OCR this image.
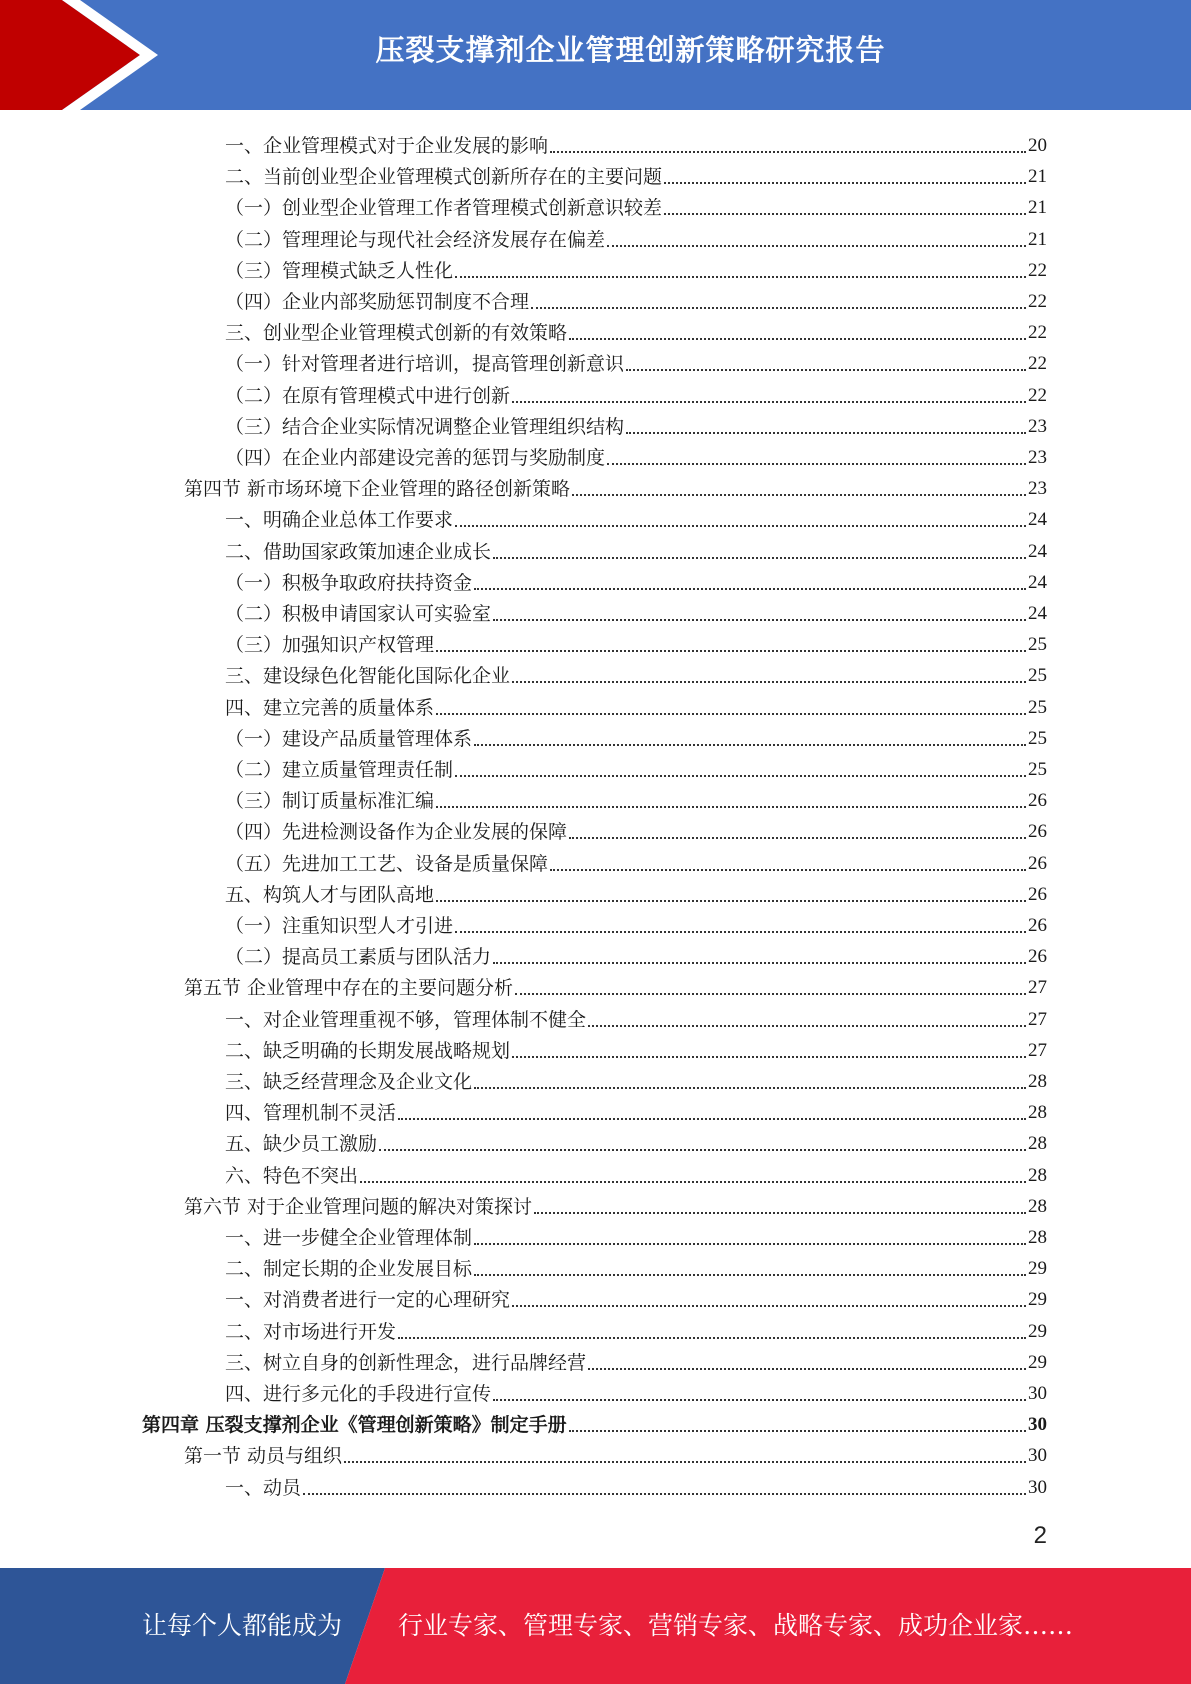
压裂支撑剂企业管理创新策略研究报告
一、企业管理模式对于企业发展的影响	20
二、当前创业型企业管理模式创新所存在的主要问题	21
（一）创业型企业管理工作者管理模式创新意识较差	21
（二）管理理论与现代社会经济发展存在偏差	21
（三）管理模式缺乏人性化	22
（四）企业内部奖励惩罚制度不合理	22
三、创业型企业管理模式创新的有效策略	22
（一）针对管理者进行培训，提高管理创新意识	22
（二）在原有管理模式中进行创新	22
（三）结合企业实际情况调整企业管理组织结构	23
（四）在企业内部建设完善的惩罚与奖励制度	23
第四节 新市场环境下企业管理的路径创新策略	23
一、明确企业总体工作要求	24
二、借助国家政策加速企业成长	24
（一）积极争取政府扶持资金	24
（二）积极申请国家认可实验室	24
（三）加强知识产权管理	25
三、建设绿色化智能化国际化企业	25
四、建立完善的质量体系	25
（一）建设产品质量管理体系	25
（二）建立质量管理责任制	25
（三）制订质量标准汇编	26
（四）先进检测设备作为企业发展的保障	26
（五）先进加工工艺、设备是质量保障	26
五、构筑人才与团队高地	26
（一）注重知识型人才引进	26
（二）提高员工素质与团队活力	26
第五节 企业管理中存在的主要问题分析	27
一、对企业管理重视不够，管理体制不健全	27
二、缺乏明确的长期发展战略规划	27
三、缺乏经营理念及企业文化	28
四、管理机制不灵活	28
五、缺少员工激励	28
六、特色不突出	28
第六节 对于企业管理问题的解决对策探讨	28
一、进一步健全企业管理体制	28
二、制定长期的企业发展目标	29
一、对消费者进行一定的心理研究	29
二、对市场进行开发	29
三、树立自身的创新性理念，进行品牌经营	29
四、进行多元化的手段进行宣传	30
第四章 压裂支撑剂企业《管理创新策略》制定手册	30
第一节 动员与组织	30
一、动员	30
2
让每个人都能成为 行业专家、管理专家、营销专家、战略专家、成功企业家……
